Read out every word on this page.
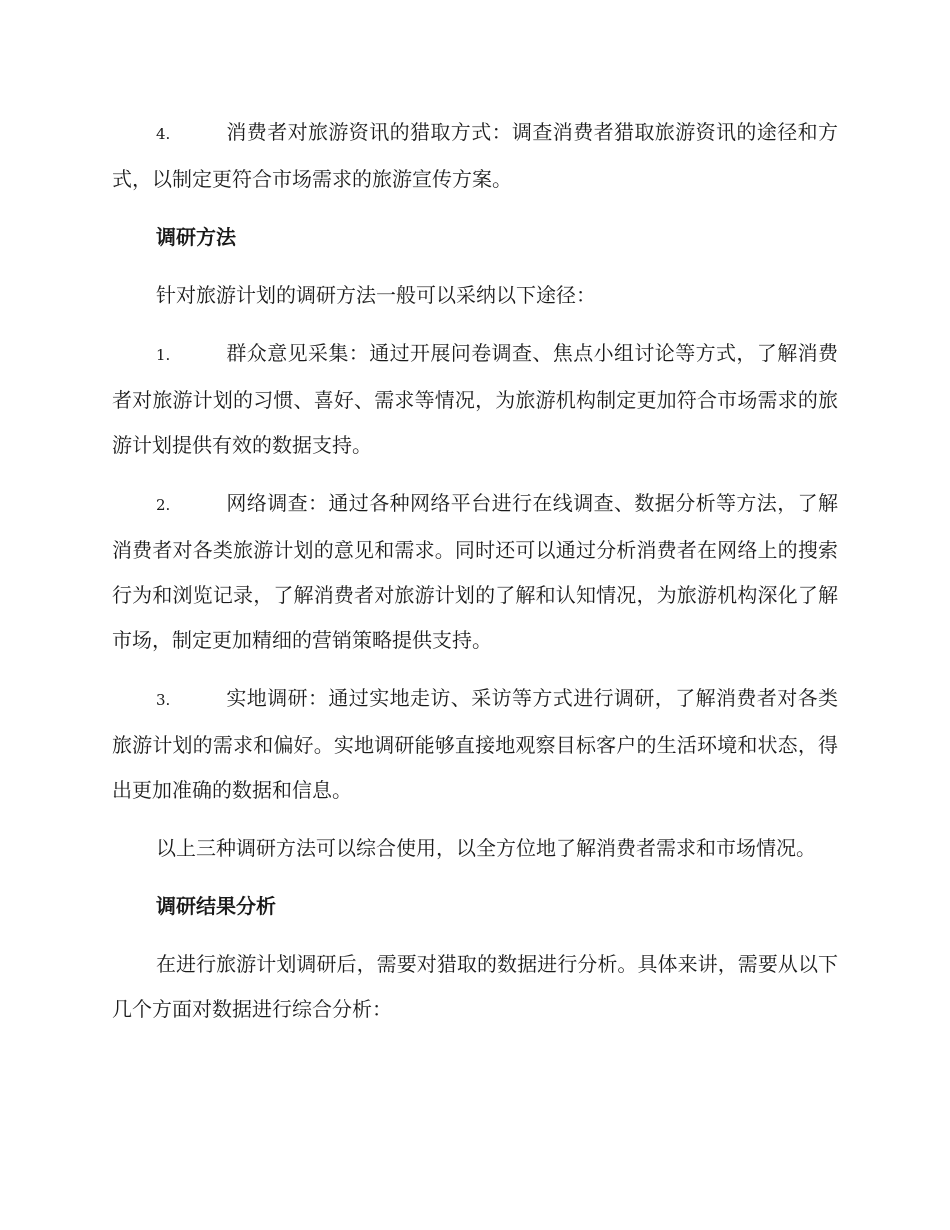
4.	消费者对旅游资讯的猎取方式：调查消费者猎取旅游资讯的途径和方式，以制定更符合市场需求的旅游宣传方案。

调研方法

针对旅游计划的调研方法一般可以采纳以下途径：

1.	群众意见采集：通过开展问卷调查、焦点小组讨论等方式，了解消费者对旅游计划的习惯、喜好、需求等情况，为旅游机构制定更加符合市场需求的旅游计划提供有效的数据支持。

2.	网络调查：通过各种网络平台进行在线调查、数据分析等方法，了解消费者对各类旅游计划的意见和需求。同时还可以通过分析消费者在网络上的搜索行为和浏览记录，了解消费者对旅游计划的了解和认知情况，为旅游机构深化了解市场，制定更加精细的营销策略提供支持。

3.	实地调研：通过实地走访、采访等方式进行调研，了解消费者对各类旅游计划的需求和偏好。实地调研能够直接地观察目标客户的生活环境和状态，得出更加准确的数据和信息。

以上三种调研方法可以综合使用，以全方位地了解消费者需求和市场情况。

调研结果分析

在进行旅游计划调研后，需要对猎取的数据进行分析。具体来讲，需要从以下几个方面对数据进行综合分析：
